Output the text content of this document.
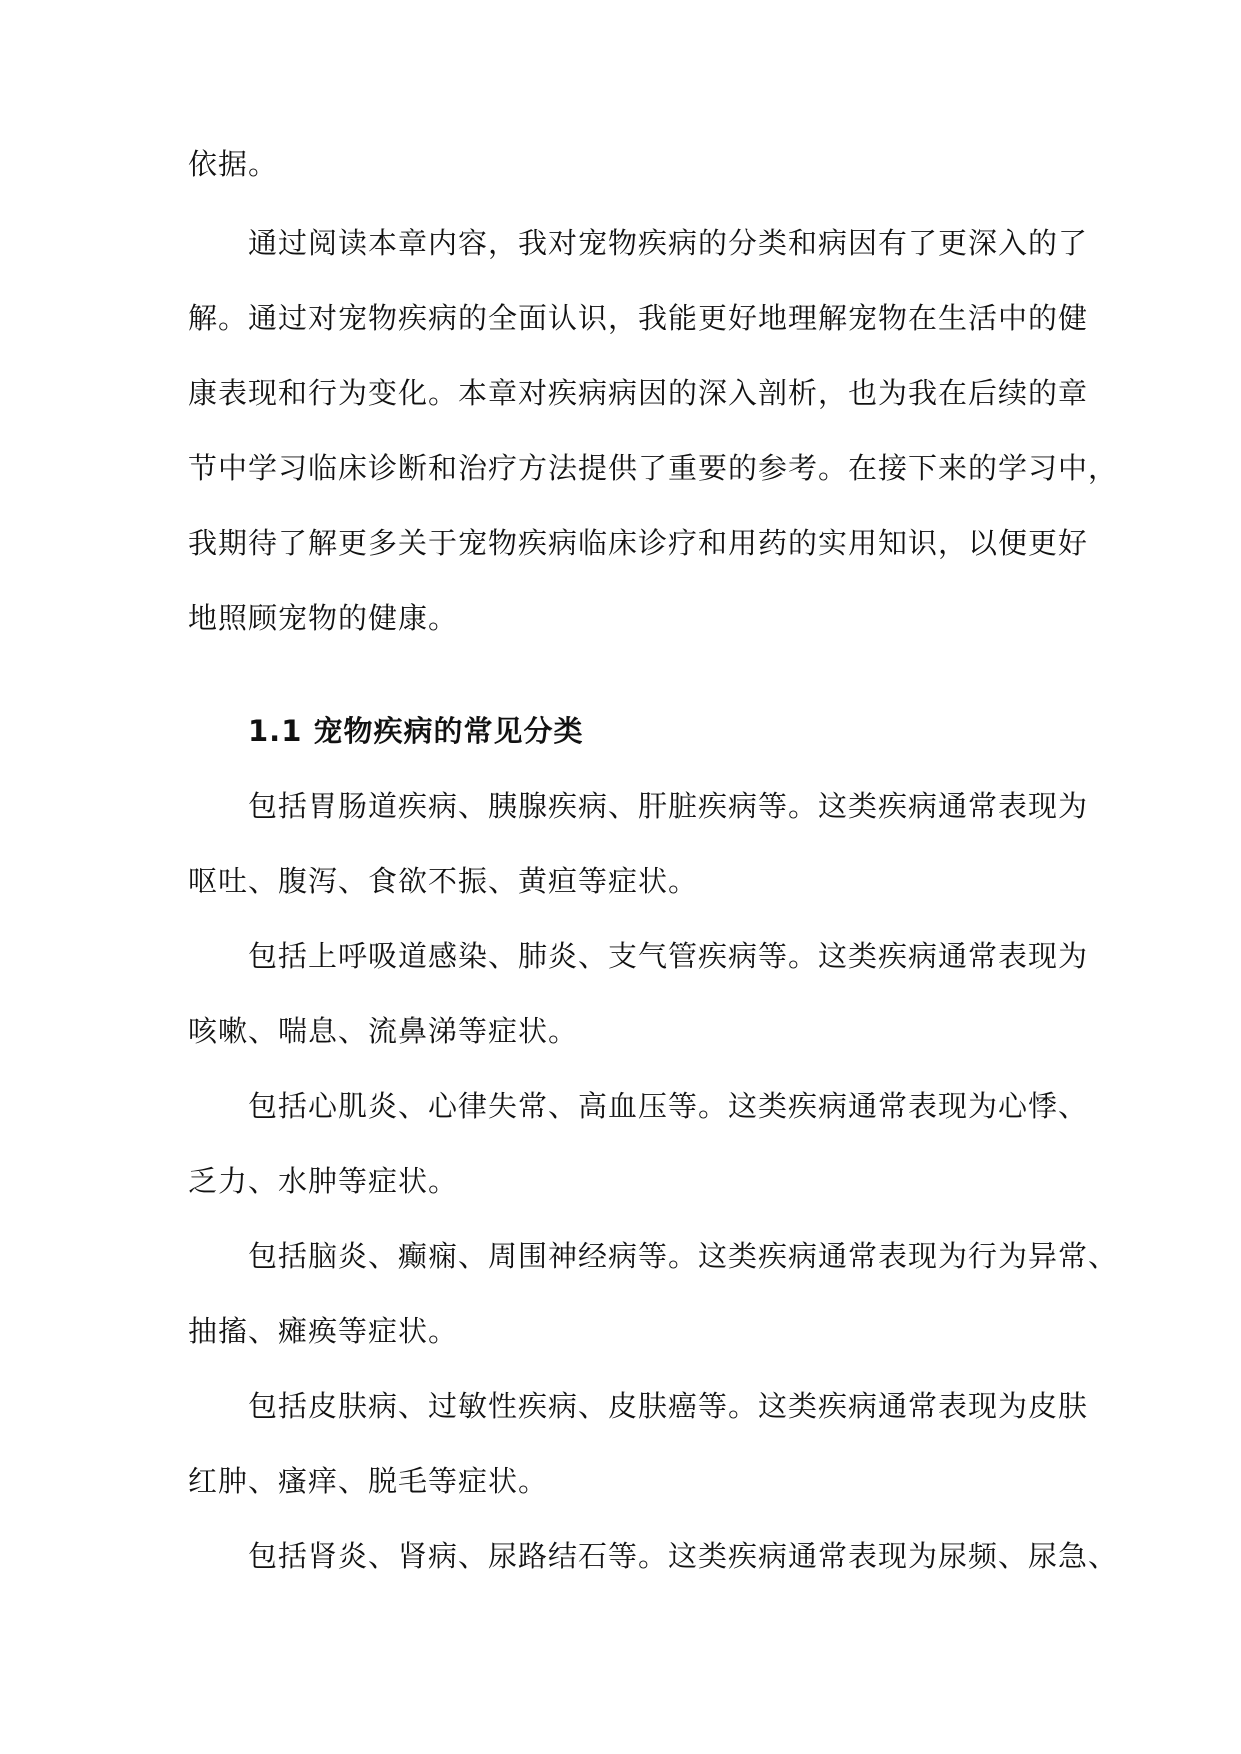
依据。
通过阅读本章内容，我对宠物疾病的分类和病因有了更深入的了
解。通过对宠物疾病的全面认识，我能更好地理解宠物在生活中的健
康表现和行为变化。本章对疾病病因的深入剖析，也为我在后续的章
节中学习临床诊断和治疗方法提供了重要的参考。在接下来的学习中，
我期待了解更多关于宠物疾病临床诊疗和用药的实用知识，以便更好
地照顾宠物的健康。
1.1 宠物疾病的常见分类
包括胃肠道疾病、胰腺疾病、肝脏疾病等。这类疾病通常表现为
呕吐、腹泻、食欲不振、黄疸等症状。
包括上呼吸道感染、肺炎、支气管疾病等。这类疾病通常表现为
咳嗽、喘息、流鼻涕等症状。
包括心肌炎、心律失常、高血压等。这类疾病通常表现为心悸、
乏力、水肿等症状。
包括脑炎、癫痫、周围神经病等。这类疾病通常表现为行为异常、
抽搐、瘫痪等症状。
包括皮肤病、过敏性疾病、皮肤癌等。这类疾病通常表现为皮肤
红肿、瘙痒、脱毛等症状。
包括肾炎、肾病、尿路结石等。这类疾病通常表现为尿频、尿急、
